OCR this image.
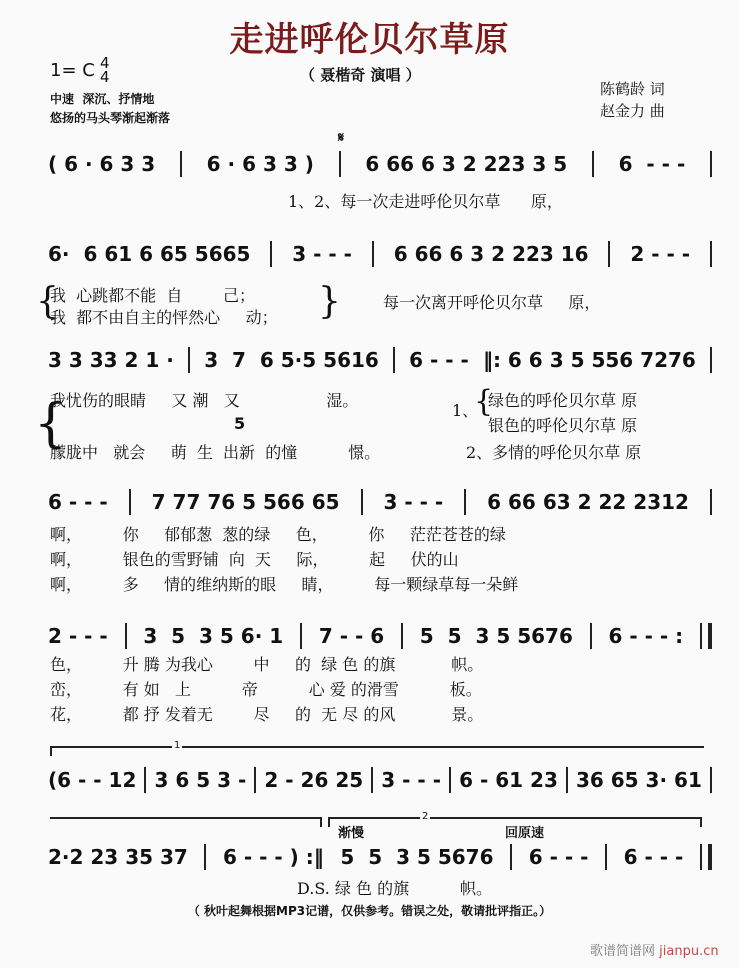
走进呼伦贝尔草原
1= C 4
4	（ 聂楷奇 演唱 ）
中速  深沉、抒情地
悠扬的马头琴渐起渐落
陈鹤龄 词
赵金力 曲
𝄋
( 6 · 6 3 3	6 · 6 3 3 )	6 66 6 3 2 223 3 5	6  - - -
1、2、每一次走进呼伦贝尔草      原，
6·  6 61 6 65 5665 3 - - - 6 66 6 3 2 223 16 2 - - -
{
我  心跳都不能  自        己；
我  都不由自主的怦然心     动； }	每一次离开呼伦贝尔草     原，
3 3 33 2 1 · 3  7  6 5·5 5616 6 - - - ‖: 6 6 3 5 556 7276
{
我忧伤的眼睛     又 潮   又                 湿。
5
朦胧中   就会     萌  生  出新  的憧          憬。
1、
{
绿色的呼伦贝尔草 原
银色的呼伦贝尔草 原
2、多情的呼伦贝尔草 原
6 - - - 7 77 76 5 566 65 3 - - - 6 66 63 2 22 2312
啊，        你     郁郁葱  葱的绿     色，        你     茫茫苍苍的绿
啊，        银色的雪野铺  向  天     际，        起     伏的山
啊，        多     情的维纳斯的眼     睛，        每一颗绿草每一朵鲜
2 - - - 3  5  3 5 6· 1 7 - - 6 5  5  3 5 5676 6 - - - :
色，        升 腾 为我心        中     的  绿 色 的旗           帜。
峦，        有 如   上          帝          心 爱 的滑雪          板。
花，        都 抒 发着无        尽     的  无 尽 的风           景。
1
(6 - - 12 3 6 5 3 - 2 - 26 25 3 - - - 6 - 61 23 36 65 3· 61
2
渐慢	回原速
2·2 23 35 37 6 - - - ) :‖ 5  5  3 5 5676 6 - - - 6 - - -
D.S. 绿 色 的旗          帜。
（ 秋叶起舞根据MP3记谱，仅供参考。错误之处，敬请批评指正。）
歌谱简谱网 jianpu.cn
